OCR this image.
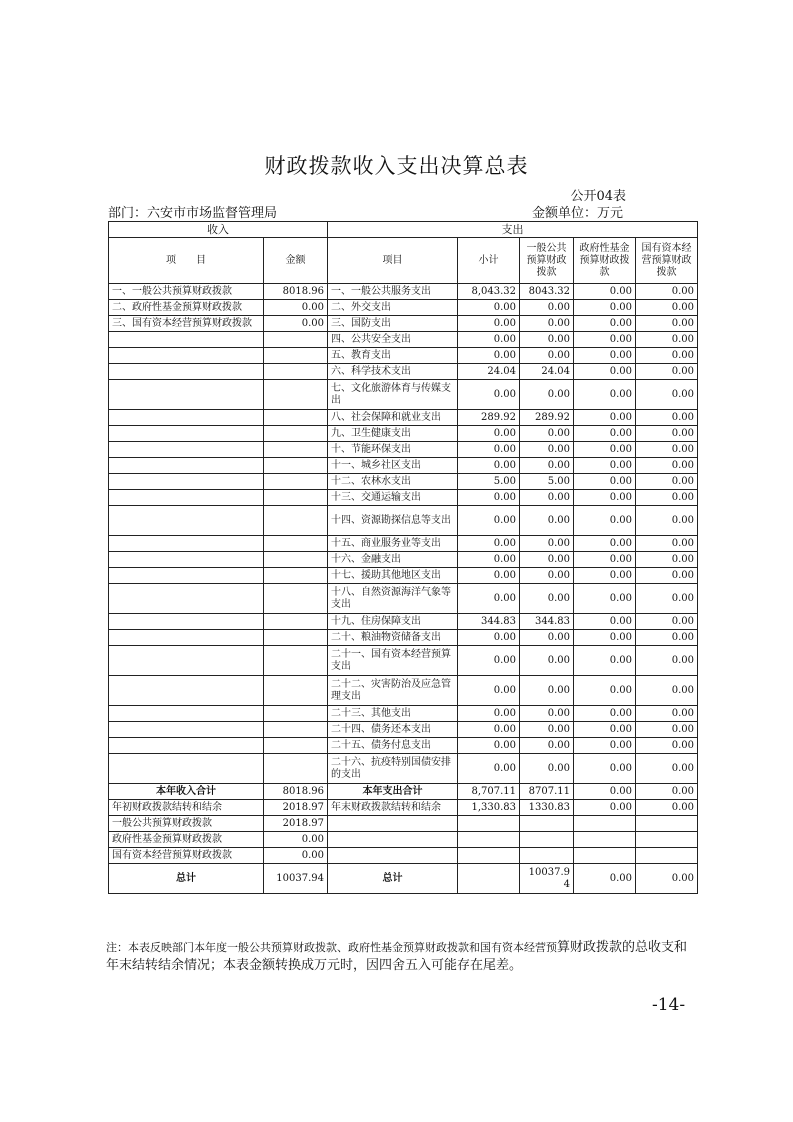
财政拨款收入支出决算总表
公开04表
部门：六安市市场监督管理局	金额单位：万元
收入		支出				
项　　目	金额	项目	小计	一般公共预算财政拨款	政府性基金预算财政拨款	国有资本经营预算财政拨款
一、一般公共预算财政拨款	8018.96	一、一般公共服务支出	8,043.32	8043.32	0.00	0.00
二、政府性基金预算财政拨款	0.00	二、外交支出	0.00	0.00	0.00	0.00
三、国有资本经营预算财政拨款	0.00	三、国防支出	0.00	0.00	0.00	0.00
		四、公共安全支出	0.00	0.00	0.00	0.00
		五、教育支出	0.00	0.00	0.00	0.00
		六、科学技术支出	24.04	24.04	0.00	0.00
		七、文化旅游体育与传媒支出	0.00	0.00	0.00	0.00
		八、社会保障和就业支出	289.92	289.92	0.00	0.00
		九、卫生健康支出	0.00	0.00	0.00	0.00
		十、节能环保支出	0.00	0.00	0.00	0.00
		十一、城乡社区支出	0.00	0.00	0.00	0.00
		十二、农林水支出	5.00	5.00	0.00	0.00
		十三、交通运输支出	0.00	0.00	0.00	0.00
		十四、资源勘探信息等支出	0.00	0.00	0.00	0.00
		十五、商业服务业等支出	0.00	0.00	0.00	0.00
		十六、金融支出	0.00	0.00	0.00	0.00
		十七、援助其他地区支出	0.00	0.00	0.00	0.00
		十八、自然资源海洋气象等支出	0.00	0.00	0.00	0.00
		十九、住房保障支出	344.83	344.83	0.00	0.00
		二十、粮油物资储备支出	0.00	0.00	0.00	0.00
		二十一、国有资本经营预算支出	0.00	0.00	0.00	0.00
		二十二、灾害防治及应急管理支出	0.00	0.00	0.00	0.00
		二十三、其他支出	0.00	0.00	0.00	0.00
		二十四、债务还本支出	0.00	0.00	0.00	0.00
		二十五、债务付息支出	0.00	0.00	0.00	0.00
		二十六、抗疫特别国债安排的支出	0.00	0.00	0.00	0.00
本年收入合计	8018.96	本年支出合计	8,707.11	8707.11	0.00	0.00
年初财政拨款结转和结余	2018.97	年末财政拨款结转和结余	1,330.83	1330.83	0.00	0.00
一般公共预算财政拨款	2018.97					
政府性基金预算财政拨款	0.00					
国有资本经营预算财政拨款	0.00					
总计	10037.94	总计		10037.94	0.00	0.00
注：本表反映部门本年度一般公共预算财政拨款、政府性基金预算财政拨款和国有资本经营预算财政拨款的总收支和年末结转结余情况；本表金额转换成万元时，因四舍五入可能存在尾差。
-14-
